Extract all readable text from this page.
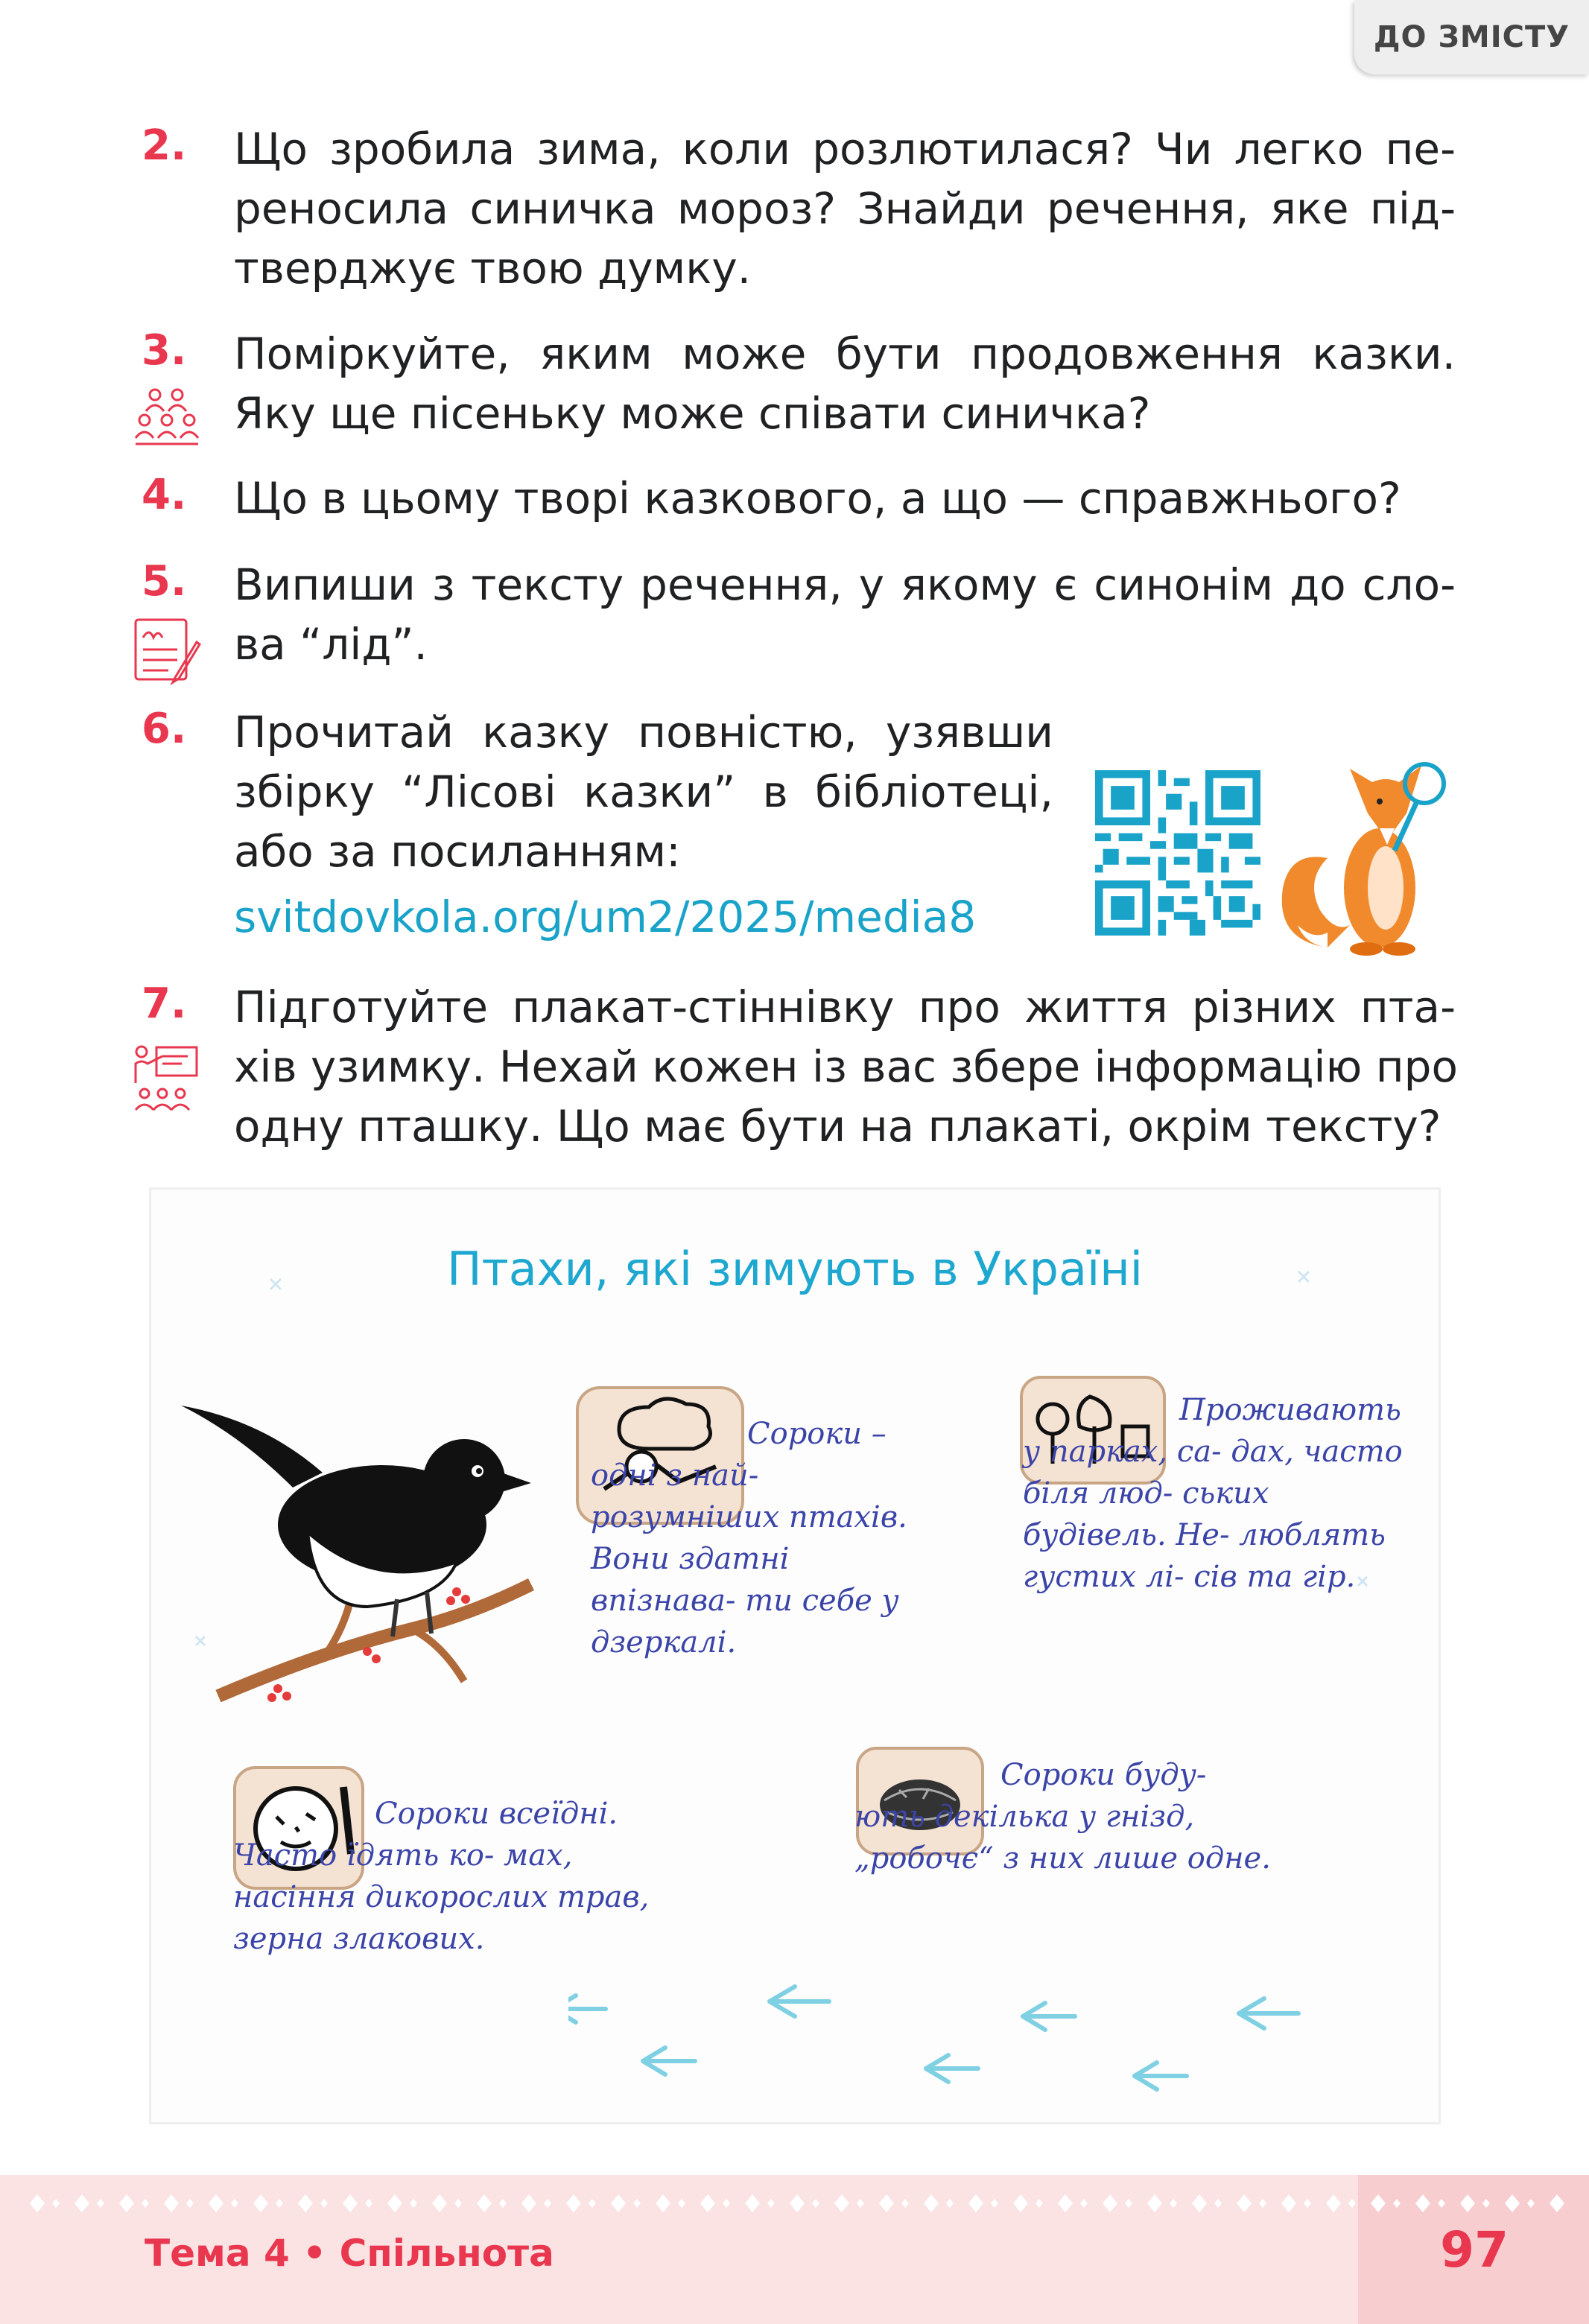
ДО ЗМІСТУ
2.	Що зробила зима, коли розлютилася? Чи легко пе-
реносила синичка мороз? Знайди речення, яке під-
тверджує твою думку.
3.	Поміркуйте, яким може бути продовження казки.
Яку ще пісеньку може співати синичка?
4.	Що в цьому творі казкового, а що — справжнього?
5.	Випиши з тексту речення, у якому є синонім до сло-
ва “лід”.
6.	Прочитай казку повністю, узявши
збірку “Лісові казки” в бібліотеці,
або за посиланням:
svitdovkola.org/um2/2025/media8
7.	Підготуйте плакат-стіннівку про життя різних пта-
хів узимку. Нехай кожен із вас збере інформацію про
одну пташку. Що має бути на плакаті, окрім тексту?
Птахи, які зимують в Україні
Сороки – одні з най- розумніших птахів. Вони здатні впізнава- ти себе у дзеркалі.
Проживають у парках, са- дах, часто біля люд- ських будівель. Не- люблять густих лі- сів та гір.
Сороки всеїдні. Часто їдять ко- мах, насіння дикорослих трав, зерна злакових.
Сороки буду- ють декілька у гнізд, „робочє“ з них лише одне.
Тема 4 • Спільнота	97
